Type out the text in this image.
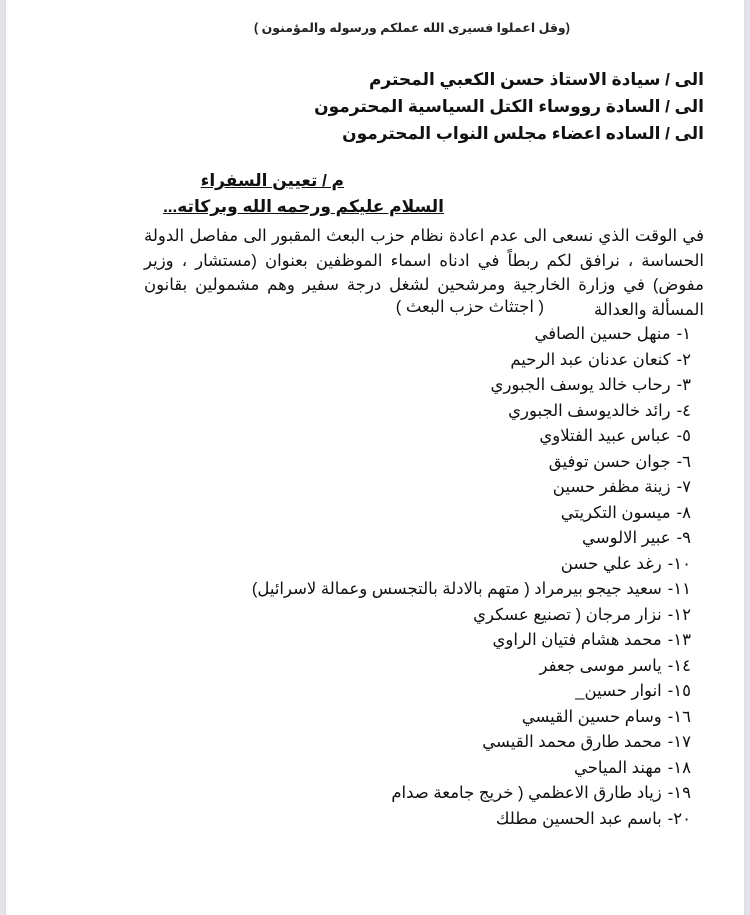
(وقل اعملوا فسيرى الله عملكم ورسوله والمؤمنون )
الى / سيادة الاستاذ حسن الكعبي المحترم
الى / السادة رووساء الكتل السياسية المحترمون
الى / الساده اعضاء مجلس النواب المحترمون
م / تعيين السفراء
السلام عليكم ورحمه الله وبركاته...

في الوقت الذي نسعى الى عدم اعادة نظام حزب البعث المقبور الى مفاصل الدولة الحساسة ، نرافق لكم ربطاً في ادناه اسماء الموظفين بعنوان (مستشار ، وزير مفوض) في وزارة الخارجية ومرشحين لشغل درجة سفير وهم مشمولين بقانون المسألة والعدالة

( اجتثاث حزب البعث )
١-منهل حسين الصافي
٢-كنعان عدنان عبد الرحيم
٣-رحاب خالد يوسف الجبوري
٤-رائد خالديوسف الجبوري
٥-عباس عبيد الفتلاوي
٦-جوان حسن توفيق
٧-زينة مظفر حسين
٨-ميسون التكريتي
٩-عبير الالوسي
١٠-رغد علي حسن
١١-سعيد جيجو بيرمراد ( متهم بالادلة بالتجسس وعمالة لاسرائيل)
١٢-نزار مرجان ( تصنيع عسكري
١٣-محمد هشام فتيان الراوي
١٤-ياسر موسى جعفر
١٥-انوار حسين_
١٦-وسام حسين القيسي
١٧-محمد طارق محمد القيسي
١٨-مهند المياحي
١٩-زياد طارق الاعظمي ( خريج جامعة صدام
٢٠-باسم عبد الحسين مطلك
